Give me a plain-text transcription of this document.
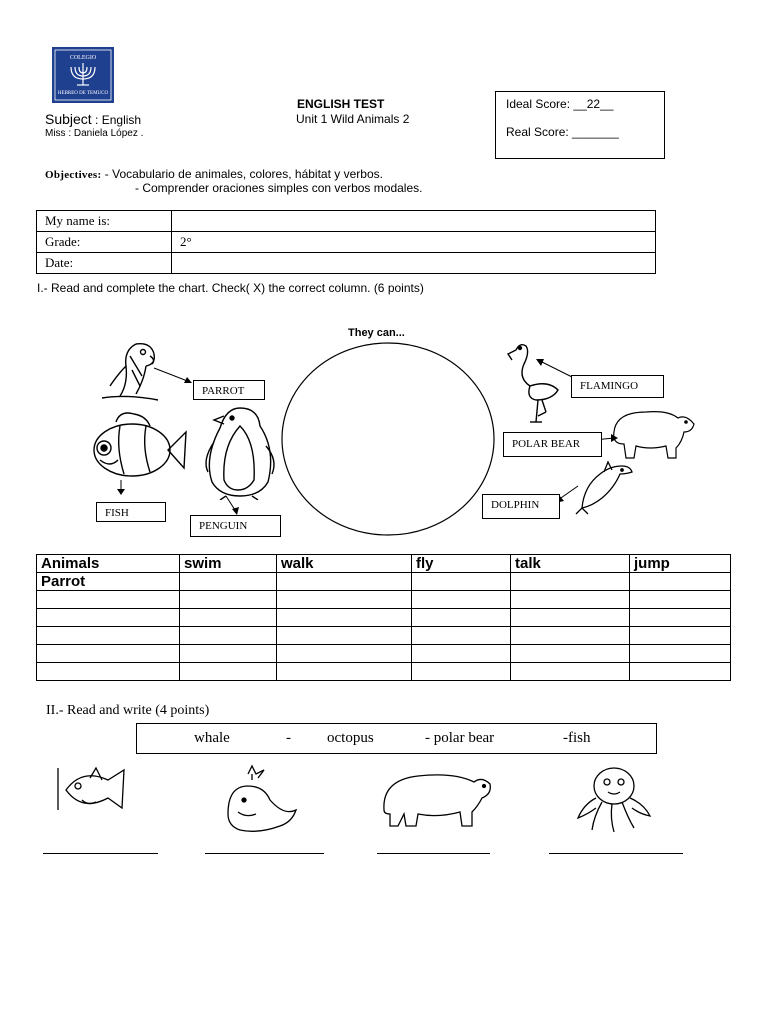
COLEGIO
HEBREO DE TEMUCO
ENGLISH TEST
Subject : English	Unit 1 Wild Animals 2
Miss : Daniela López .
Ideal Score: __22__
Real Score: _______
Objectives: - Vocabulario de animales, colores, hábitat y verbos.
- Comprender oraciones simples con verbos modales.
My name is:	
Grade:	2°
Date:	
I.- Read and complete the chart. Check( X) the correct column. (6 points)
They can...
PARROT
FISH
PENGUIN
FLAMINGO
POLAR BEAR
DOLPHIN
Animals	swim	walk	fly	talk	jump
Parrot					

II.- Read and write (4 points)
whale	- octopus	- polar bear	-fish
